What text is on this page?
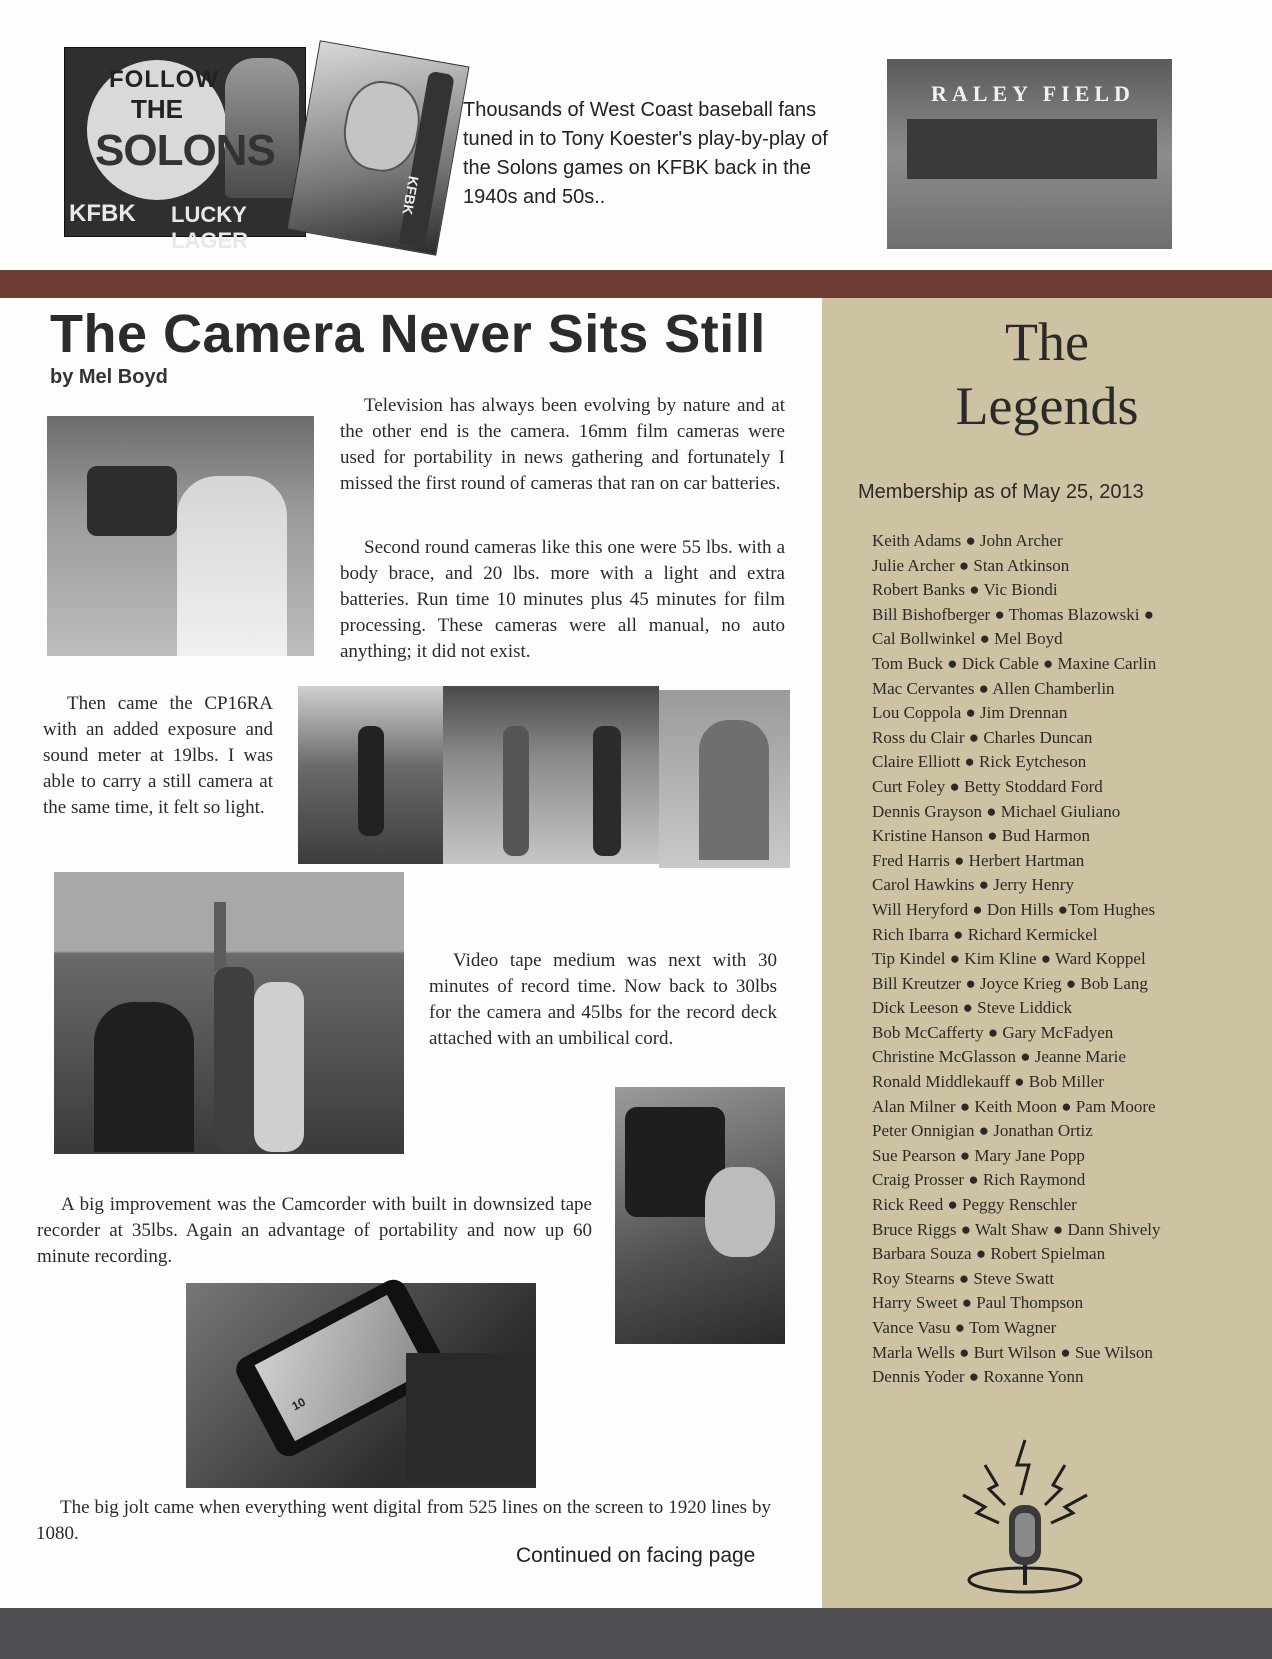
FOLLOW
THE
SOLONS
KFBK LUCKY LAGER
KFBK

Thousands of West Coast baseball fans tuned in to Tony Koester's play-by-play of the Solons games on KFBK back in the 1940s and 50s..

RALEY FIELD
The Camera Never Sits Still
by Mel Boyd

Television has always been evolving by nature and at the other end is the camera. 16mm film cameras were used for portability in news gathering and fortunately I missed the first round of cameras that ran on car batteries.

Second round cameras like this one were 55 lbs. with a body brace, and 20 lbs. more with a light and extra batteries. Run time 10 minutes plus 45 minutes for film processing. These cameras were all manual, no auto anything; it did not exist.

Then came the CP16RA with an added exposure and sound meter at 19lbs. I was able to carry a still camera at the same time, it felt so light.

Video tape medium was next with 30 minutes of record time. Now back to 30lbs for the camera and 45lbs for the record deck attached with an umbilical cord.

A big improvement was the Camcorder with built in downsized tape recorder at 35lbs. Again an advantage of portability and now up 60 minute recording.

10

The big jolt came when everything went digital from 525 lines on the screen to 1920 lines by 1080.

Continued on facing page
The
Legends
Membership as of May 25, 2013
Keith Adams ● John Archer
Julie Archer ● Stan Atkinson
Robert Banks ● Vic Biondi
Bill Bishofberger ● Thomas Blazowski ●
Cal Bollwinkel ● Mel Boyd
Tom Buck ● Dick Cable ● Maxine Carlin
Mac Cervantes ● Allen Chamberlin
Lou Coppola ● Jim Drennan
Ross du Clair ● Charles Duncan
Claire Elliott ● Rick Eytcheson
Curt Foley ● Betty Stoddard Ford
Dennis Grayson ● Michael Giuliano
Kristine Hanson ● Bud Harmon
Fred Harris ● Herbert Hartman
Carol Hawkins ● Jerry Henry
Will Heryford ● Don Hills ●Tom Hughes
Rich Ibarra ● Richard Kermickel
Tip Kindel ● Kim Kline ● Ward Koppel
Bill Kreutzer ● Joyce Krieg ● Bob Lang
Dick Leeson ● Steve Liddick
Bob McCafferty ● Gary McFadyen
Christine McGlasson ● Jeanne Marie
Ronald Middlekauff ● Bob Miller
Alan Milner ● Keith Moon ● Pam Moore
Peter Onnigian ● Jonathan Ortiz
Sue Pearson ● Mary Jane Popp
Craig Prosser ● Rich Raymond
Rick Reed ● Peggy Renschler
Bruce Riggs ● Walt Shaw ● Dann Shively
Barbara Souza ● Robert Spielman
Roy Stearns ● Steve Swatt
Harry Sweet ● Paul Thompson
Vance Vasu ● Tom Wagner
Marla Wells ● Burt Wilson ● Sue Wilson
Dennis Yoder ● Roxanne Yonn
